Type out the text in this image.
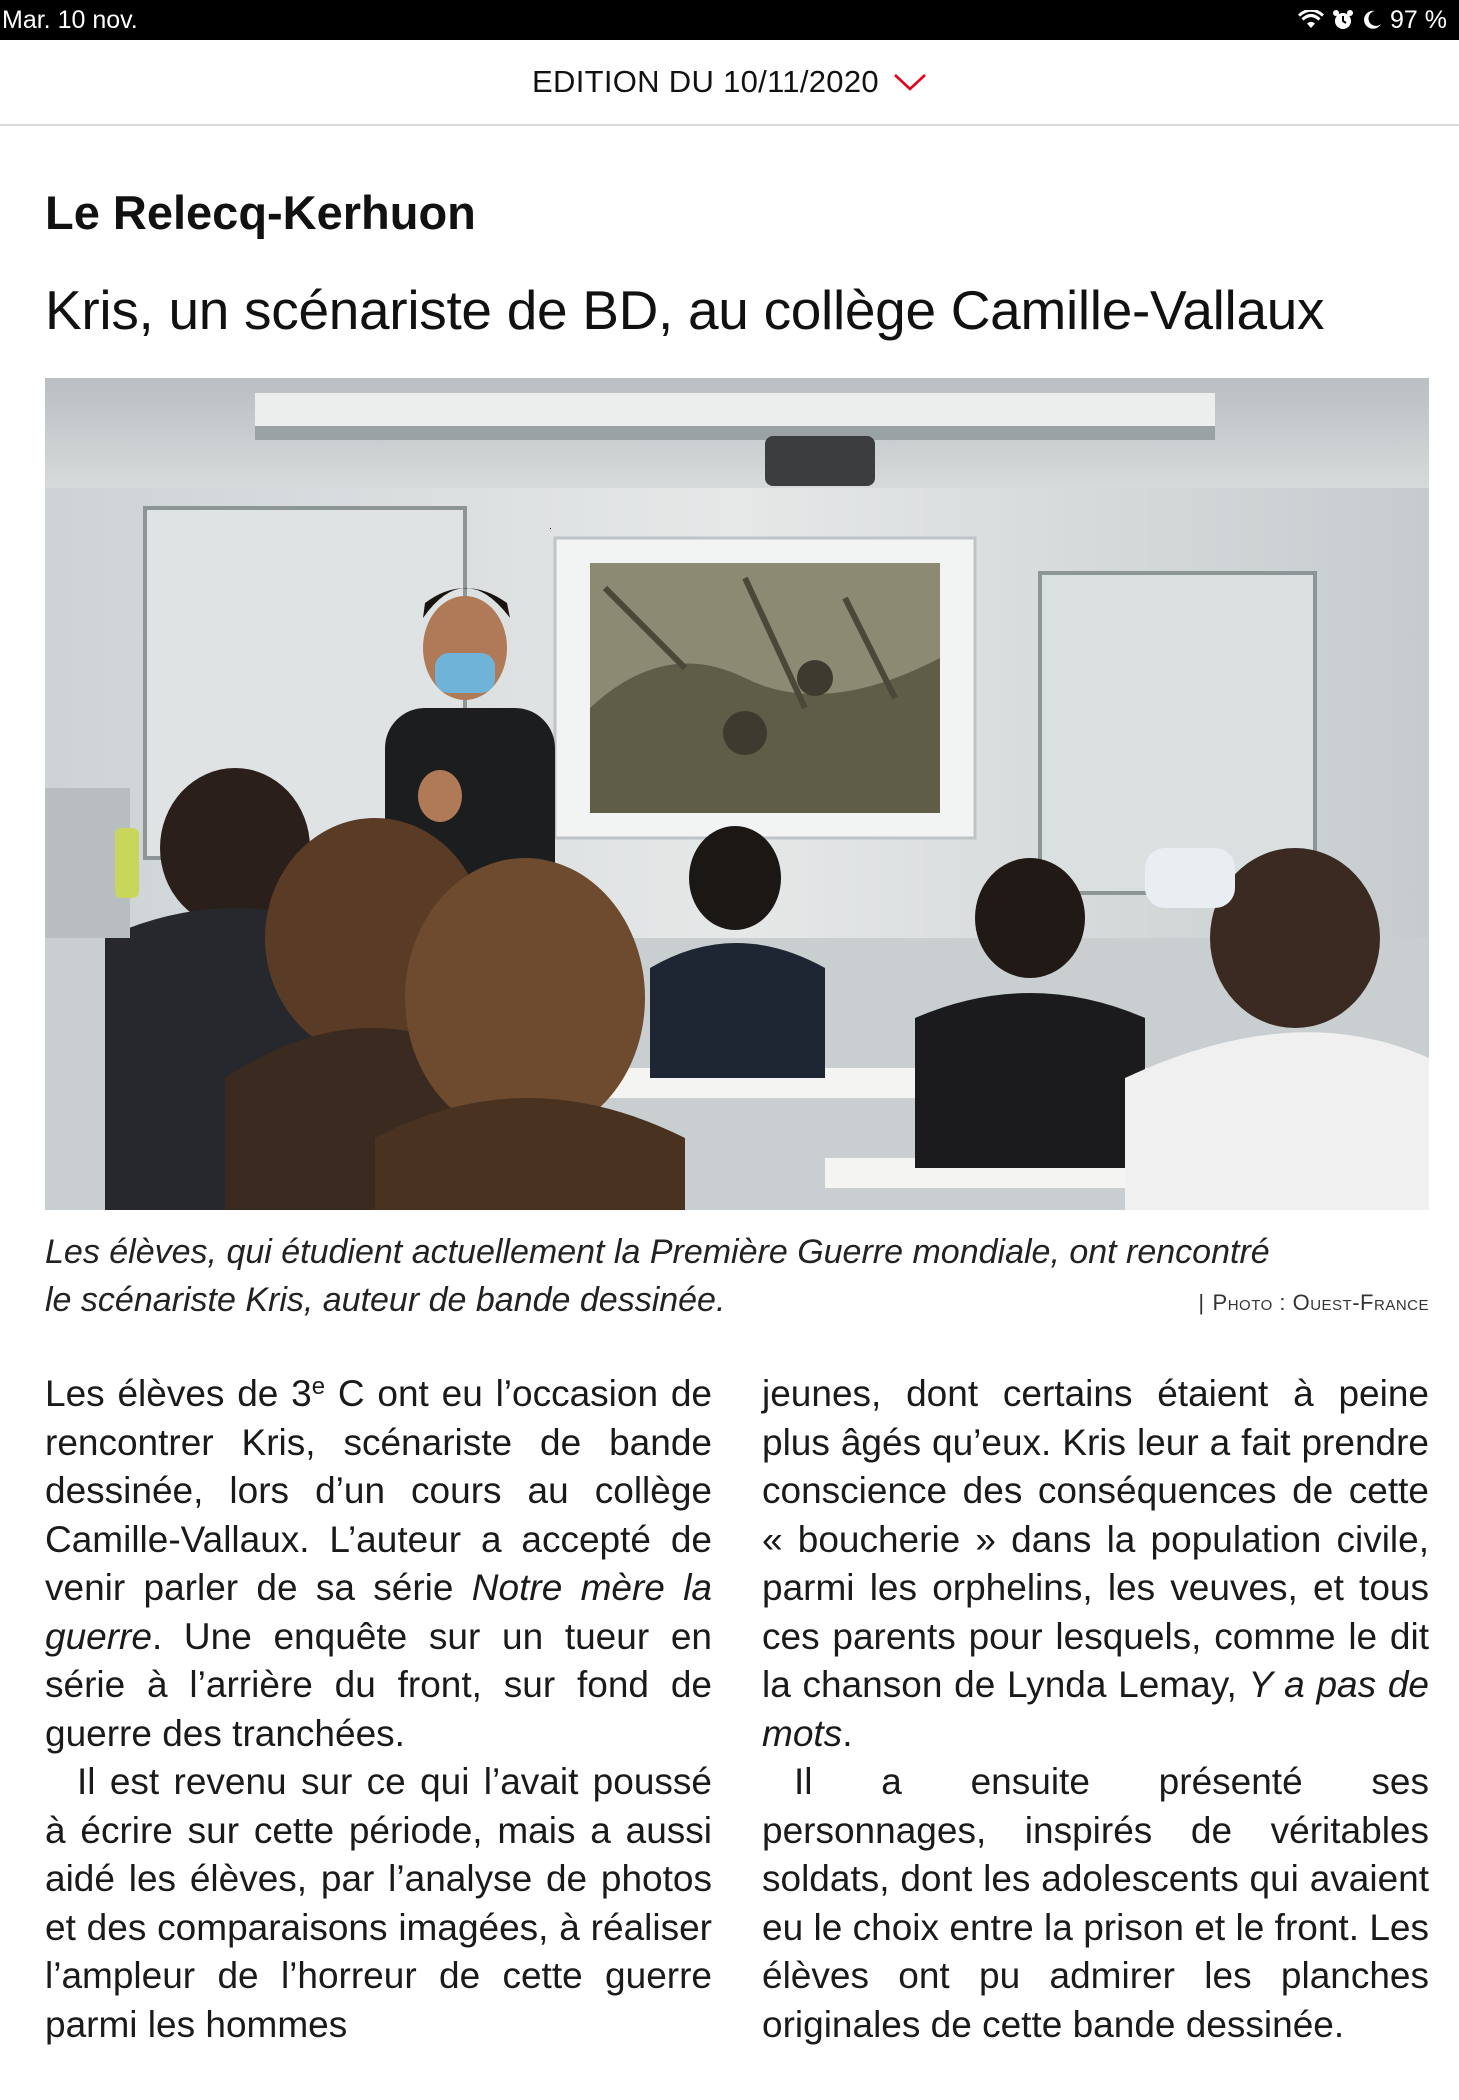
Mar. 10 nov.	97 %
EDITION DU 10/11/2020
Le Relecq-Kerhuon
Kris, un scénariste de BD, au collège Camille-Vallaux

Les élèves, qui étudient actuellement la Première Guerre mondiale, ont rencontré
le scénariste Kris, auteur de bande dessinée.	| Photo : Ouest-France

Les élèves de 3e C ont eu l’occasion de rencontrer Kris, scénariste de bande dessinée, lors d’un cours au collège Camille-Vallaux. L’auteur a accepté de venir parler de sa série Notre mère la guerre. Une enquête sur un tueur en série à l’arrière du front, sur fond de guerre des tranchées.

Il est revenu sur ce qui l’avait poussé à écrire sur cette période, mais a aussi aidé les élèves, par l’analyse de photos et des comparaisons imagées, à réaliser l’ampleur de l’horreur de cette guerre parmi les hommes

jeunes, dont certains étaient à peine plus âgés qu’eux. Kris leur a fait prendre conscience des conséquences de cette « boucherie » dans la population civile, parmi les orphelins, les veuves, et tous ces parents pour lesquels, comme le dit la chanson de Lynda Lemay, Y a pas de mots.

Il a ensuite présenté ses personnages, inspirés de véritables soldats, dont les adolescents qui avaient eu le choix entre la prison et le front. Les élèves ont pu admirer les planches originales de cette bande dessinée.
